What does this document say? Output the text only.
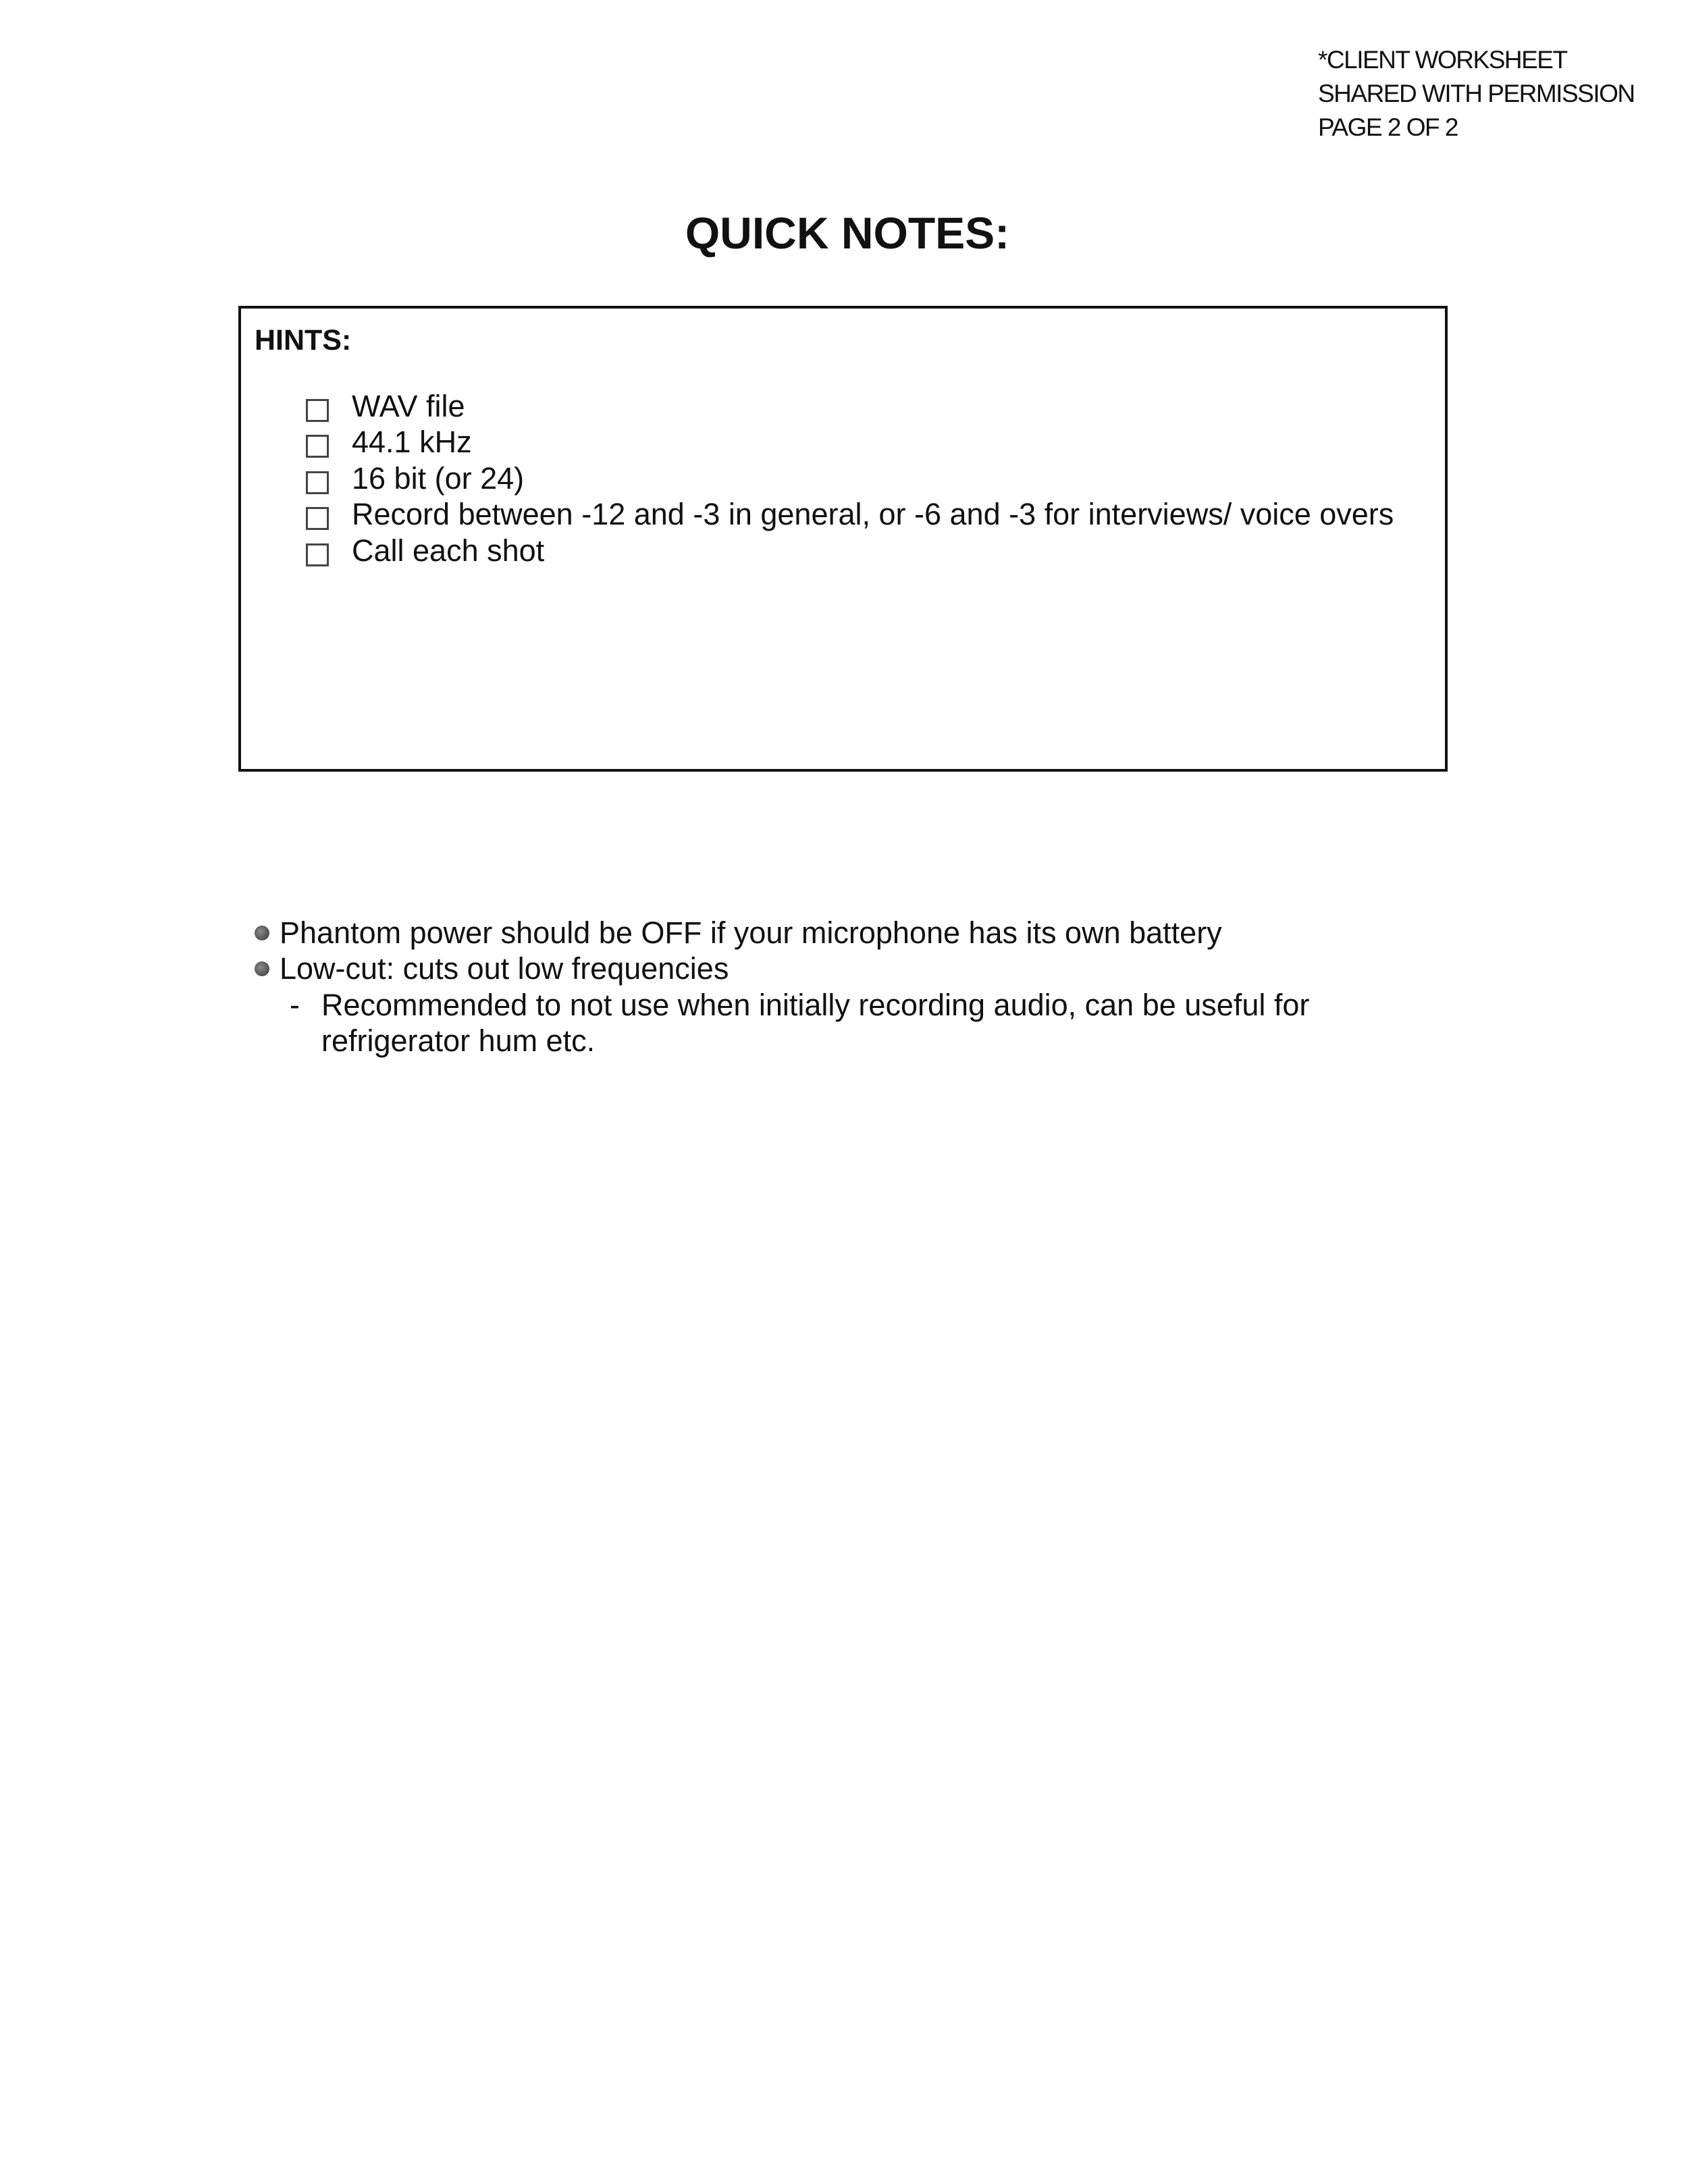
*CLIENT WORKSHEET
SHARED WITH PERMISSION
PAGE 2 OF 2
QUICK NOTES:
HINTS:
WAV file
44.1 kHz
16 bit (or 24)
Record between -12 and -3 in general, or -6 and -3 for interviews/ voice overs
Call each shot
Phantom power should be OFF if your microphone has its own battery
Low-cut: cuts out low frequencies
- Recommended to not use when initially recording audio, can be useful for
refrigerator hum etc.
